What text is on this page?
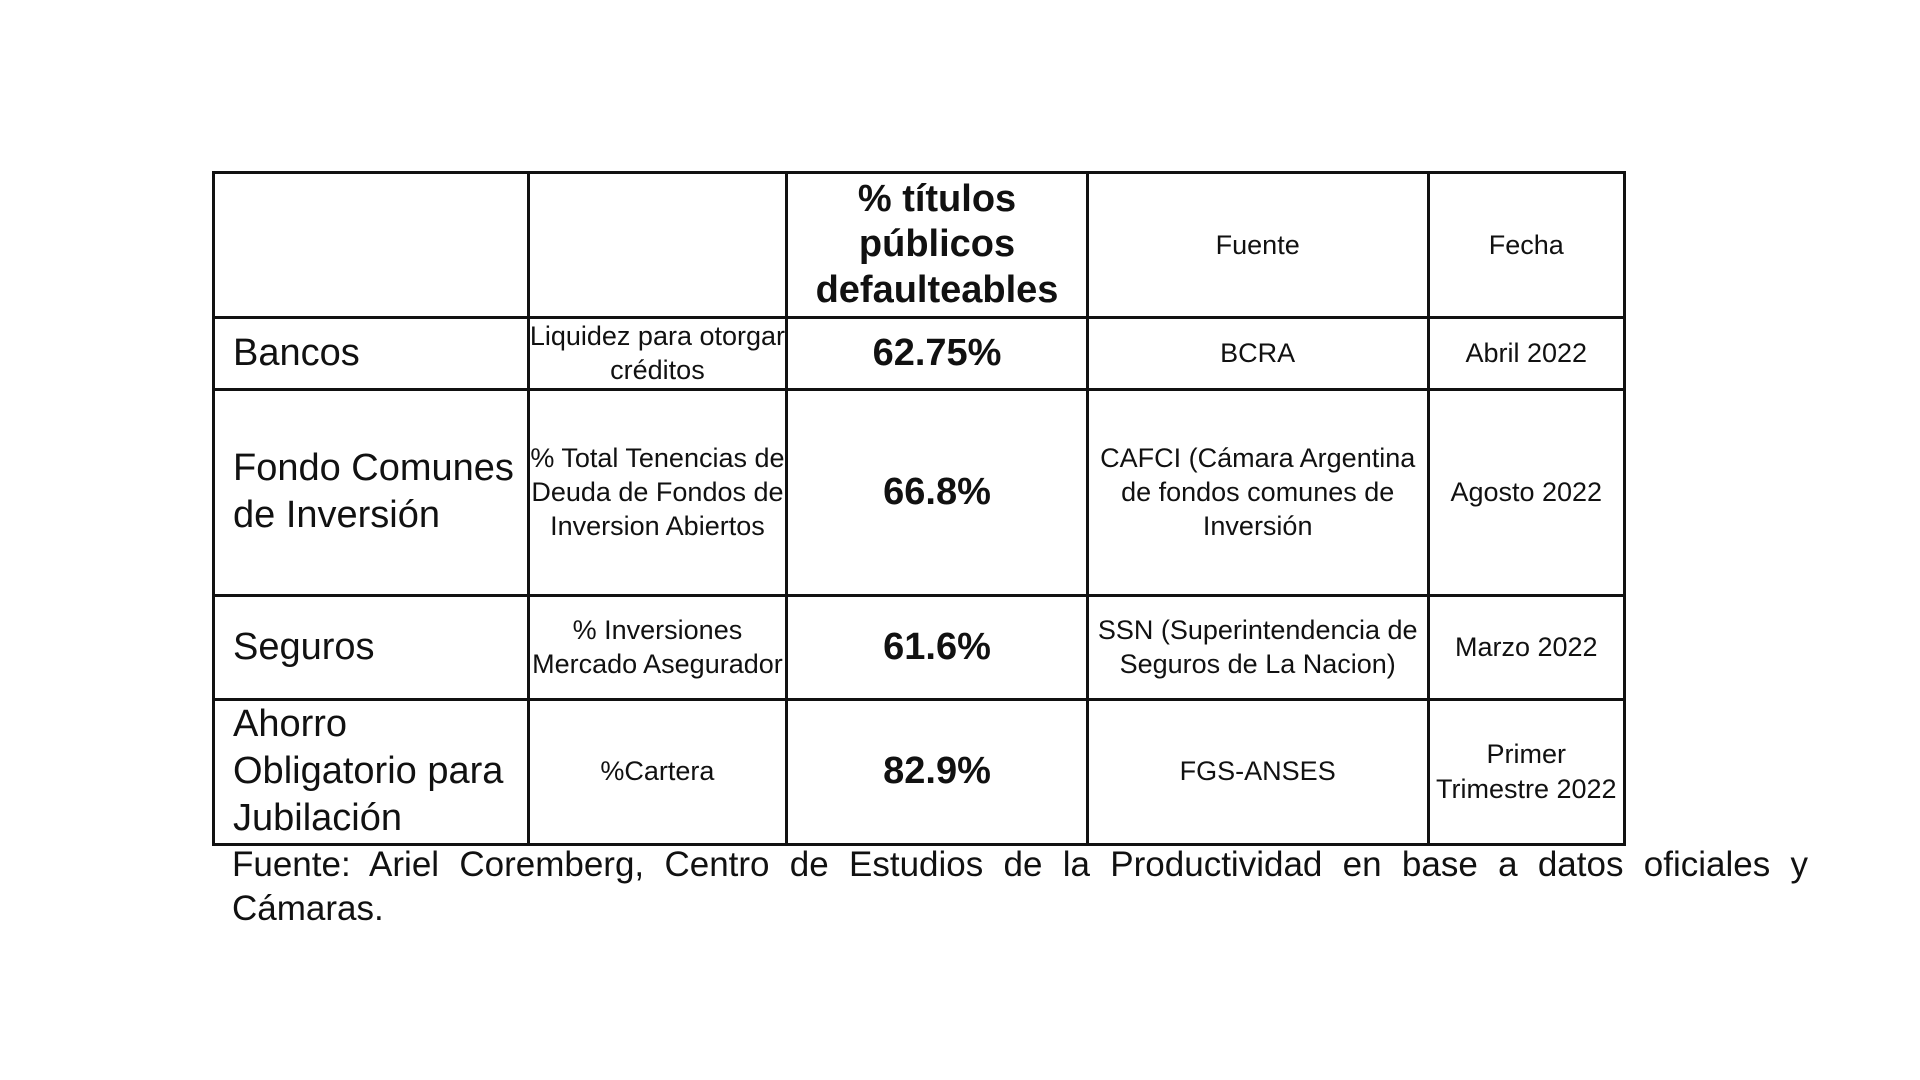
		% títulos públicos defaulteables	Fuente	Fecha
Bancos	Liquidez para otorgar créditos	62.75%	BCRA	Abril 2022
Fondo Comunes de Inversión	% Total Tenencias de Deuda de Fondos de Inversion Abiertos	66.8%	CAFCI (Cámara Argentina de fondos comunes de Inversión	Agosto 2022
Seguros	% Inversiones Mercado Asegurador	61.6%	SSN (Superintendencia de Seguros de La Nacion)	Marzo 2022
Ahorro Obligatorio para Jubilación	%Cartera	82.9%	FGS-ANSES	Primer Trimestre 2022
Fuente: Ariel Coremberg, Centro de Estudios de la Productividad en base a datos oficiales y Cámaras.
